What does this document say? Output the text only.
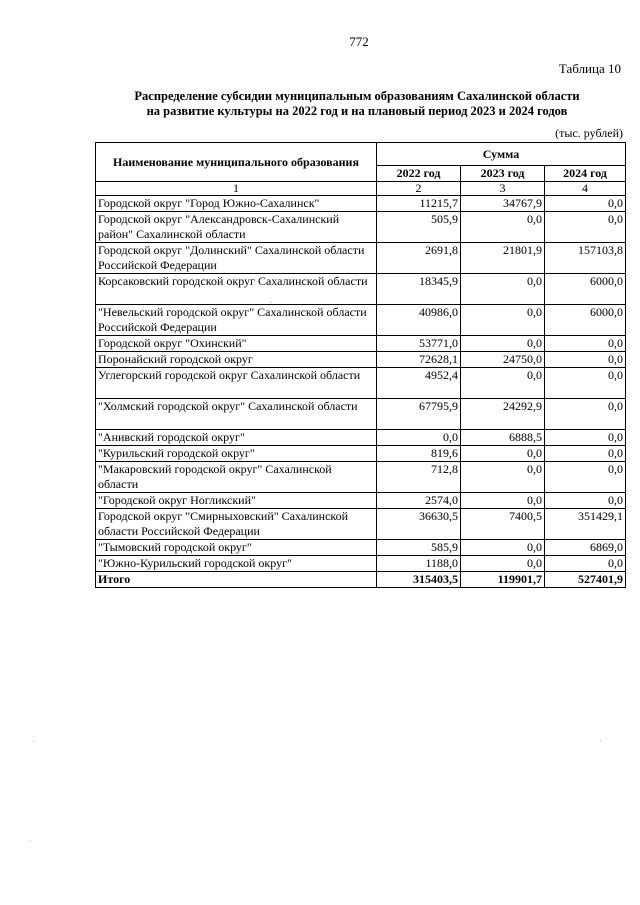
772
Таблица 10
Распределение субсидии муниципальным образованиям Сахалинской области
на развитие культуры на 2022 год и на плановый период 2023 и 2024 годов
(тыс. рублей)
Наименование муниципального образования	Сумма		
	2022 год	2023 год	2024 год
1	2	3	4
Городской округ "Город Южно-Сахалинск"	11215,7	34767,9	0,0
Городской округ "Александровск-Сахалинский район" Сахалинской области	505,9	0,0	0,0
Городской округ "Долинский" Сахалинской области Российской Федерации	2691,8	21801,9	157103,8
Корсаковский городской округ Сахалинской области	18345,9	0,0	6000,0
"Невельский городской округ" Сахалинской области Российской Федерации	40986,0	0,0	6000,0
Городской округ "Охинский"	53771,0	0,0	0,0
Поронайский городской округ	72628,1	24750,0	0,0
Углегорский городской округ Сахалинской области	4952,4	0,0	0,0
"Холмский городской округ" Сахалинской области	67795,9	24292,9	0,0
"Анивский городской округ"	0,0	6888,5	0,0
"Курильский городской округ"	819,6	0,0	0,0
"Макаровский городской округ" Сахалинской области	712,8	0,0	0,0
"Городской округ Ногликский"	2574,0	0,0	0,0
Городской округ "Смирныховский" Сахалинской области Российской Федерации	36630,5	7400,5	351429,1
"Тымовский городской округ"	585,9	0,0	6869,0
"Южно-Курильский городской округ"	1188,0	0,0	0,0
Итого	315403,5	119901,7	527401,9
